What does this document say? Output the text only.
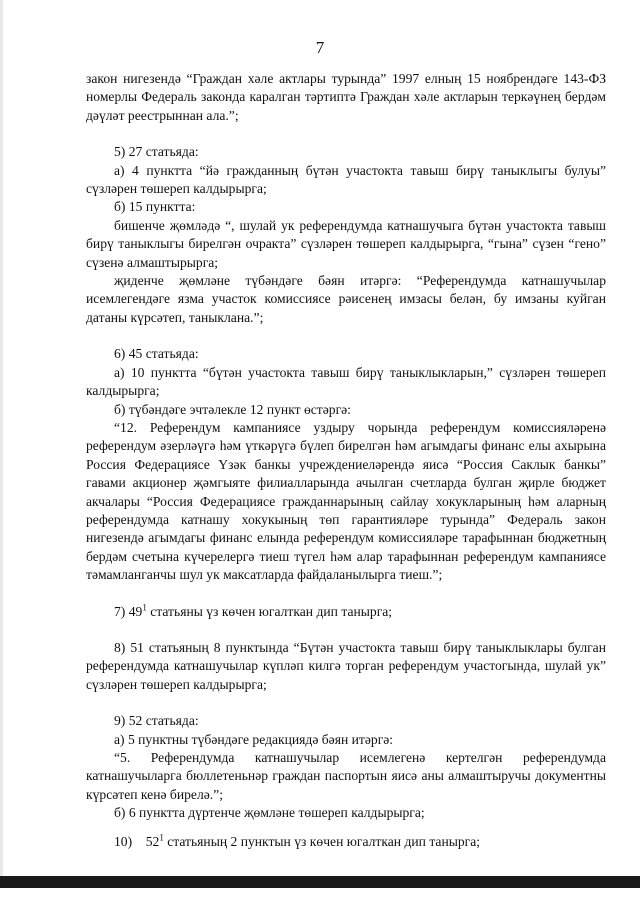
7

закон нигезендә “Граждан хәле актлары турында” 1997 елның 15 ноябрендәге 143-ФЗ номерлы Федераль законда каралган тәртиптә Граждан хәле актларын теркәүнең бердәм дәүләт реестрыннан ала.”;

5) 27 статьяда:

а) 4 пунктта “йә гражданның бүтән участокта тавыш бирү таныклыгы булуы” сүзләрен төшереп калдырырга;

б) 15 пунктта:

бишенче җөмләдә “, шулай ук референдумда катнашучыга бүтән участокта тавыш бирү таныклыгы бирелгән очракта” сүзләрен төшереп калдырырга, “гына” сүзен “гено” сүзенә алмаштырырга;

җиденче җөмләне түбәндәге бәян итәргә: “Референдумда катнашучылар исемлегендәге язма участок комиссиясе рәисенең имзасы белән, бу имзаны куйган датаны күрсәтеп, таныклана.”;

6) 45 статьяда:

а) 10 пунктта “бүтән участокта тавыш бирү таныклыкларын,” сүзләрен төшереп калдырырга;

б) түбәндәге эчтәлекле 12 пункт өстәргә:

“12. Референдум кампаниясе уздыру чорында референдум комиссияләренә референдум әзерләүгә һәм үткәрүгә бүлеп бирелгән һәм агымдагы финанс елы ахырына Россия Федерациясе Үзәк банкы учреждениеләрендә яисә “Россия Саклык банкы” гавами акционер җәмгыяте филиалларында ачылган счетларда булган җирле бюджет акчалары “Россия Федерациясе гражданнарының сайлау хокукларының һәм аларның референдумда катнашу хокукының төп гарантияләре турында” Федераль закон нигезендә агымдагы финанс елында референдум комиссияләре тарафыннан бюджетның бердәм счетына күчерелергә тиеш түгел һәм алар тарафыннан референдум кампаниясе тәмамланганчы шул ук максатларда файдаланылырга тиеш.”;

7) $49^1$ статьяны үз көчен югалткан дип танырга;

8) 51 статьяның 8 пунктында “Бүтән участокта тавыш бирү таныклыклары булган референдумда катнашучылар күпләп килгә торган референдум участогында, шулай ук” сүзләрен төшереп калдырырга;

9) 52 статьяда:

а) 5 пунктны түбәндәге редакциядә бәян итәргә:

“5. Референдумда катнашучылар исемлегенә кертелгән референдумда катнашучыларга бюллетеньнәр граждан паспортын яисә аны алмаштыручы документны күрсәтеп кенә бирелә.”;

б) 6 пунктта дүртенче җөмләне төшереп калдырырга;

10) $52^1$ статьяның 2 пунктын үз көчен югалткан дип танырга;
